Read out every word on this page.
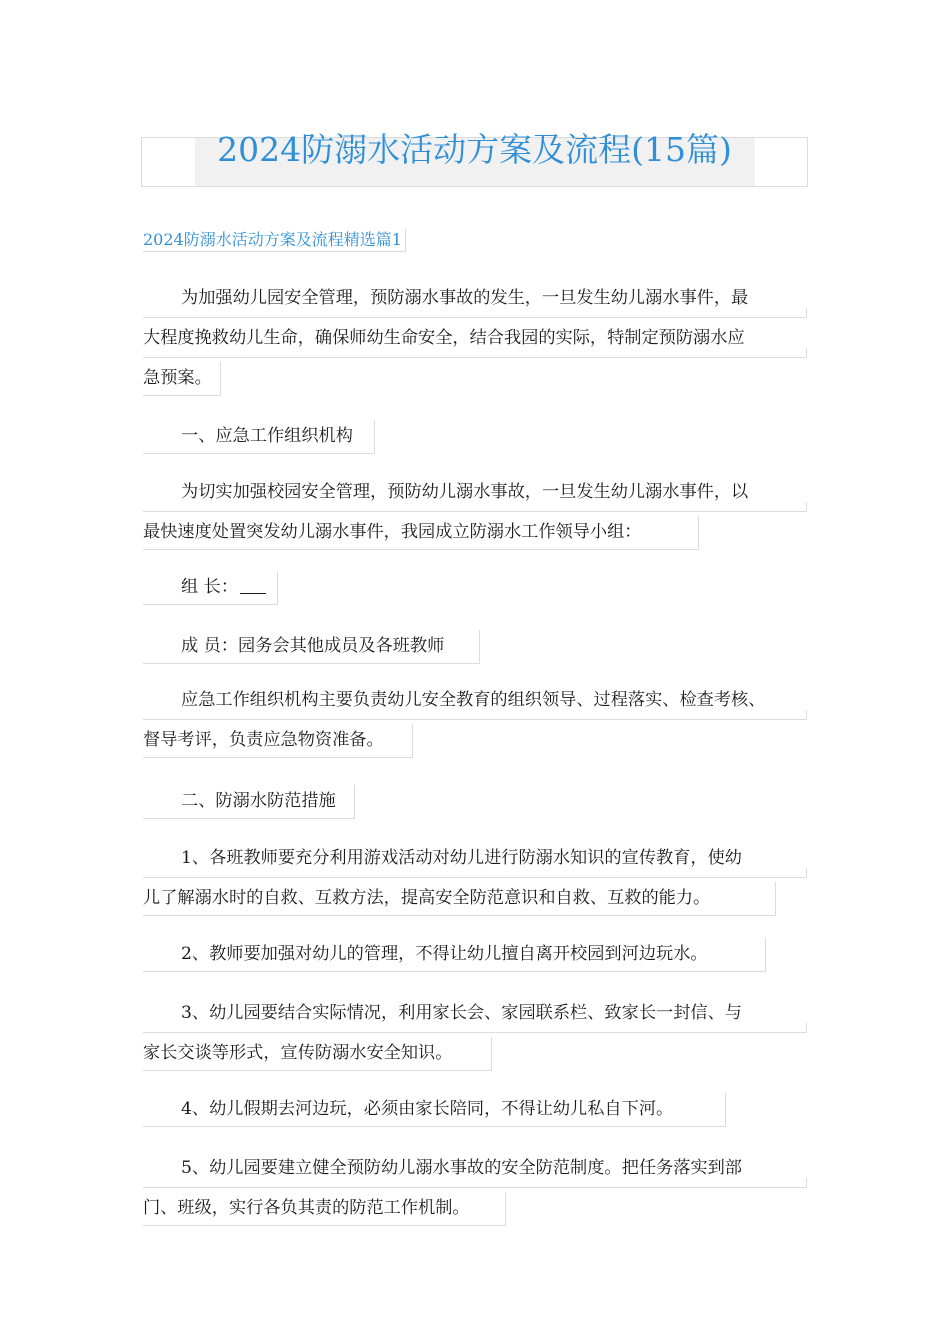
2024防溺水活动方案及流程(15篇)
2024防溺水活动方案及流程精选篇1
为加强幼儿园安全管理，预防溺水事故的发生，一旦发生幼儿溺水事件，最
大程度挽救幼儿生命，确保师幼生命安全，结合我园的实际，特制定预防溺水应
急预案。
一、应急工作组织机构
为切实加强校园安全管理，预防幼儿溺水事故，一旦发生幼儿溺水事件，以
最快速度处置突发幼儿溺水事件，我园成立防溺水工作领导小组：
组 长：
成 员：园务会其他成员及各班教师
应急工作组织机构主要负责幼儿安全教育的组织领导、过程落实、检查考核、
督导考评，负责应急物资准备。
二、防溺水防范措施
1、各班教师要充分利用游戏活动对幼儿进行防溺水知识的宣传教育，使幼
儿了解溺水时的自救、互救方法，提高安全防范意识和自救、互救的能力。
2、教师要加强对幼儿的管理，不得让幼儿擅自离开校园到河边玩水。
3、幼儿园要结合实际情况，利用家长会、家园联系栏、致家长一封信、与
家长交谈等形式，宣传防溺水安全知识。
4、幼儿假期去河边玩，必须由家长陪同，不得让幼儿私自下河。
5、幼儿园要建立健全预防幼儿溺水事故的安全防范制度。把任务落实到部
门、班级，实行各负其责的防范工作机制。
